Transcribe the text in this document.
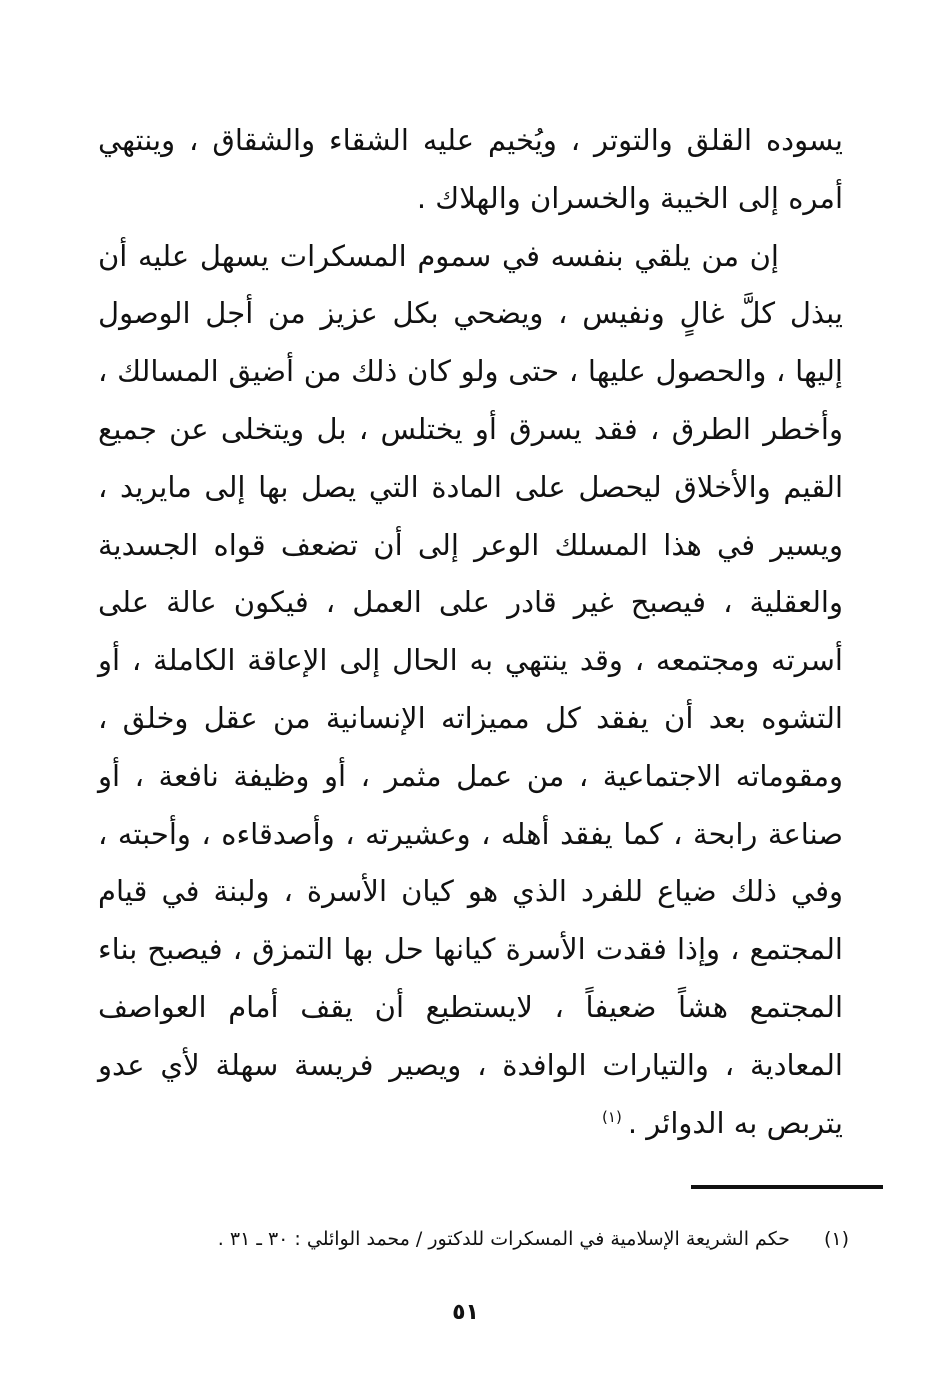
يسوده القلق والتوتر ، ويُخيم عليه الشقاء والشقاق ، وينتهي أمره إلى الخيبة والخسران والهلاك .

إن من يلقي بنفسه في سموم المسكرات يسهل عليه أن يبذل كلَّ غالٍ ونفيس ، ويضحي بكل عزيز من أجل الوصول إليها ، والحصول عليها ، حتى ولو كان ذلك من أضيق المسالك ، وأخطر الطرق ، فقد يسرق أو يختلس ، بل ويتخلى عن جميع القيم والأخلاق ليحصل على المادة التي يصل بها إلى مايريد ، ويسير في هذا المسلك الوعر إلى أن تضعف قواه الجسدية والعقلية ، فيصبح غير قادر على العمل ، فيكون عالة على أسرته ومجتمعه ، وقد ينتهي به الحال إلى الإعاقة الكاملة ، أو التشوه بعد أن يفقد كل مميزاته الإنسانية من عقل وخلق ، ومقوماته الاجتماعية ، من عمل مثمر ، أو وظيفة نافعة ، أو صناعة رابحة ، كما يفقد أهله ، وعشيرته ، وأصدقاءه ، وأحبته ، وفي ذلك ضياع للفرد الذي هو كيان الأسرة ، ولبنة في قيام المجتمع ، وإذا فقدت الأسرة كيانها حل بها التمزق ، فيصبح بناء المجتمع هشاً ضعيفاً ، لايستطيع أن يقف أمام العواصف المعادية ، والتيارات الوافدة ، ويصير فريسة سهلة لأي عدو يتربص به الدوائر .$^{(١)}$

(١)حكم الشريعة الإسلامية في المسكرات للدكتور / محمد الوائلي : ٣٠ ـ ٣١ .
٥١
